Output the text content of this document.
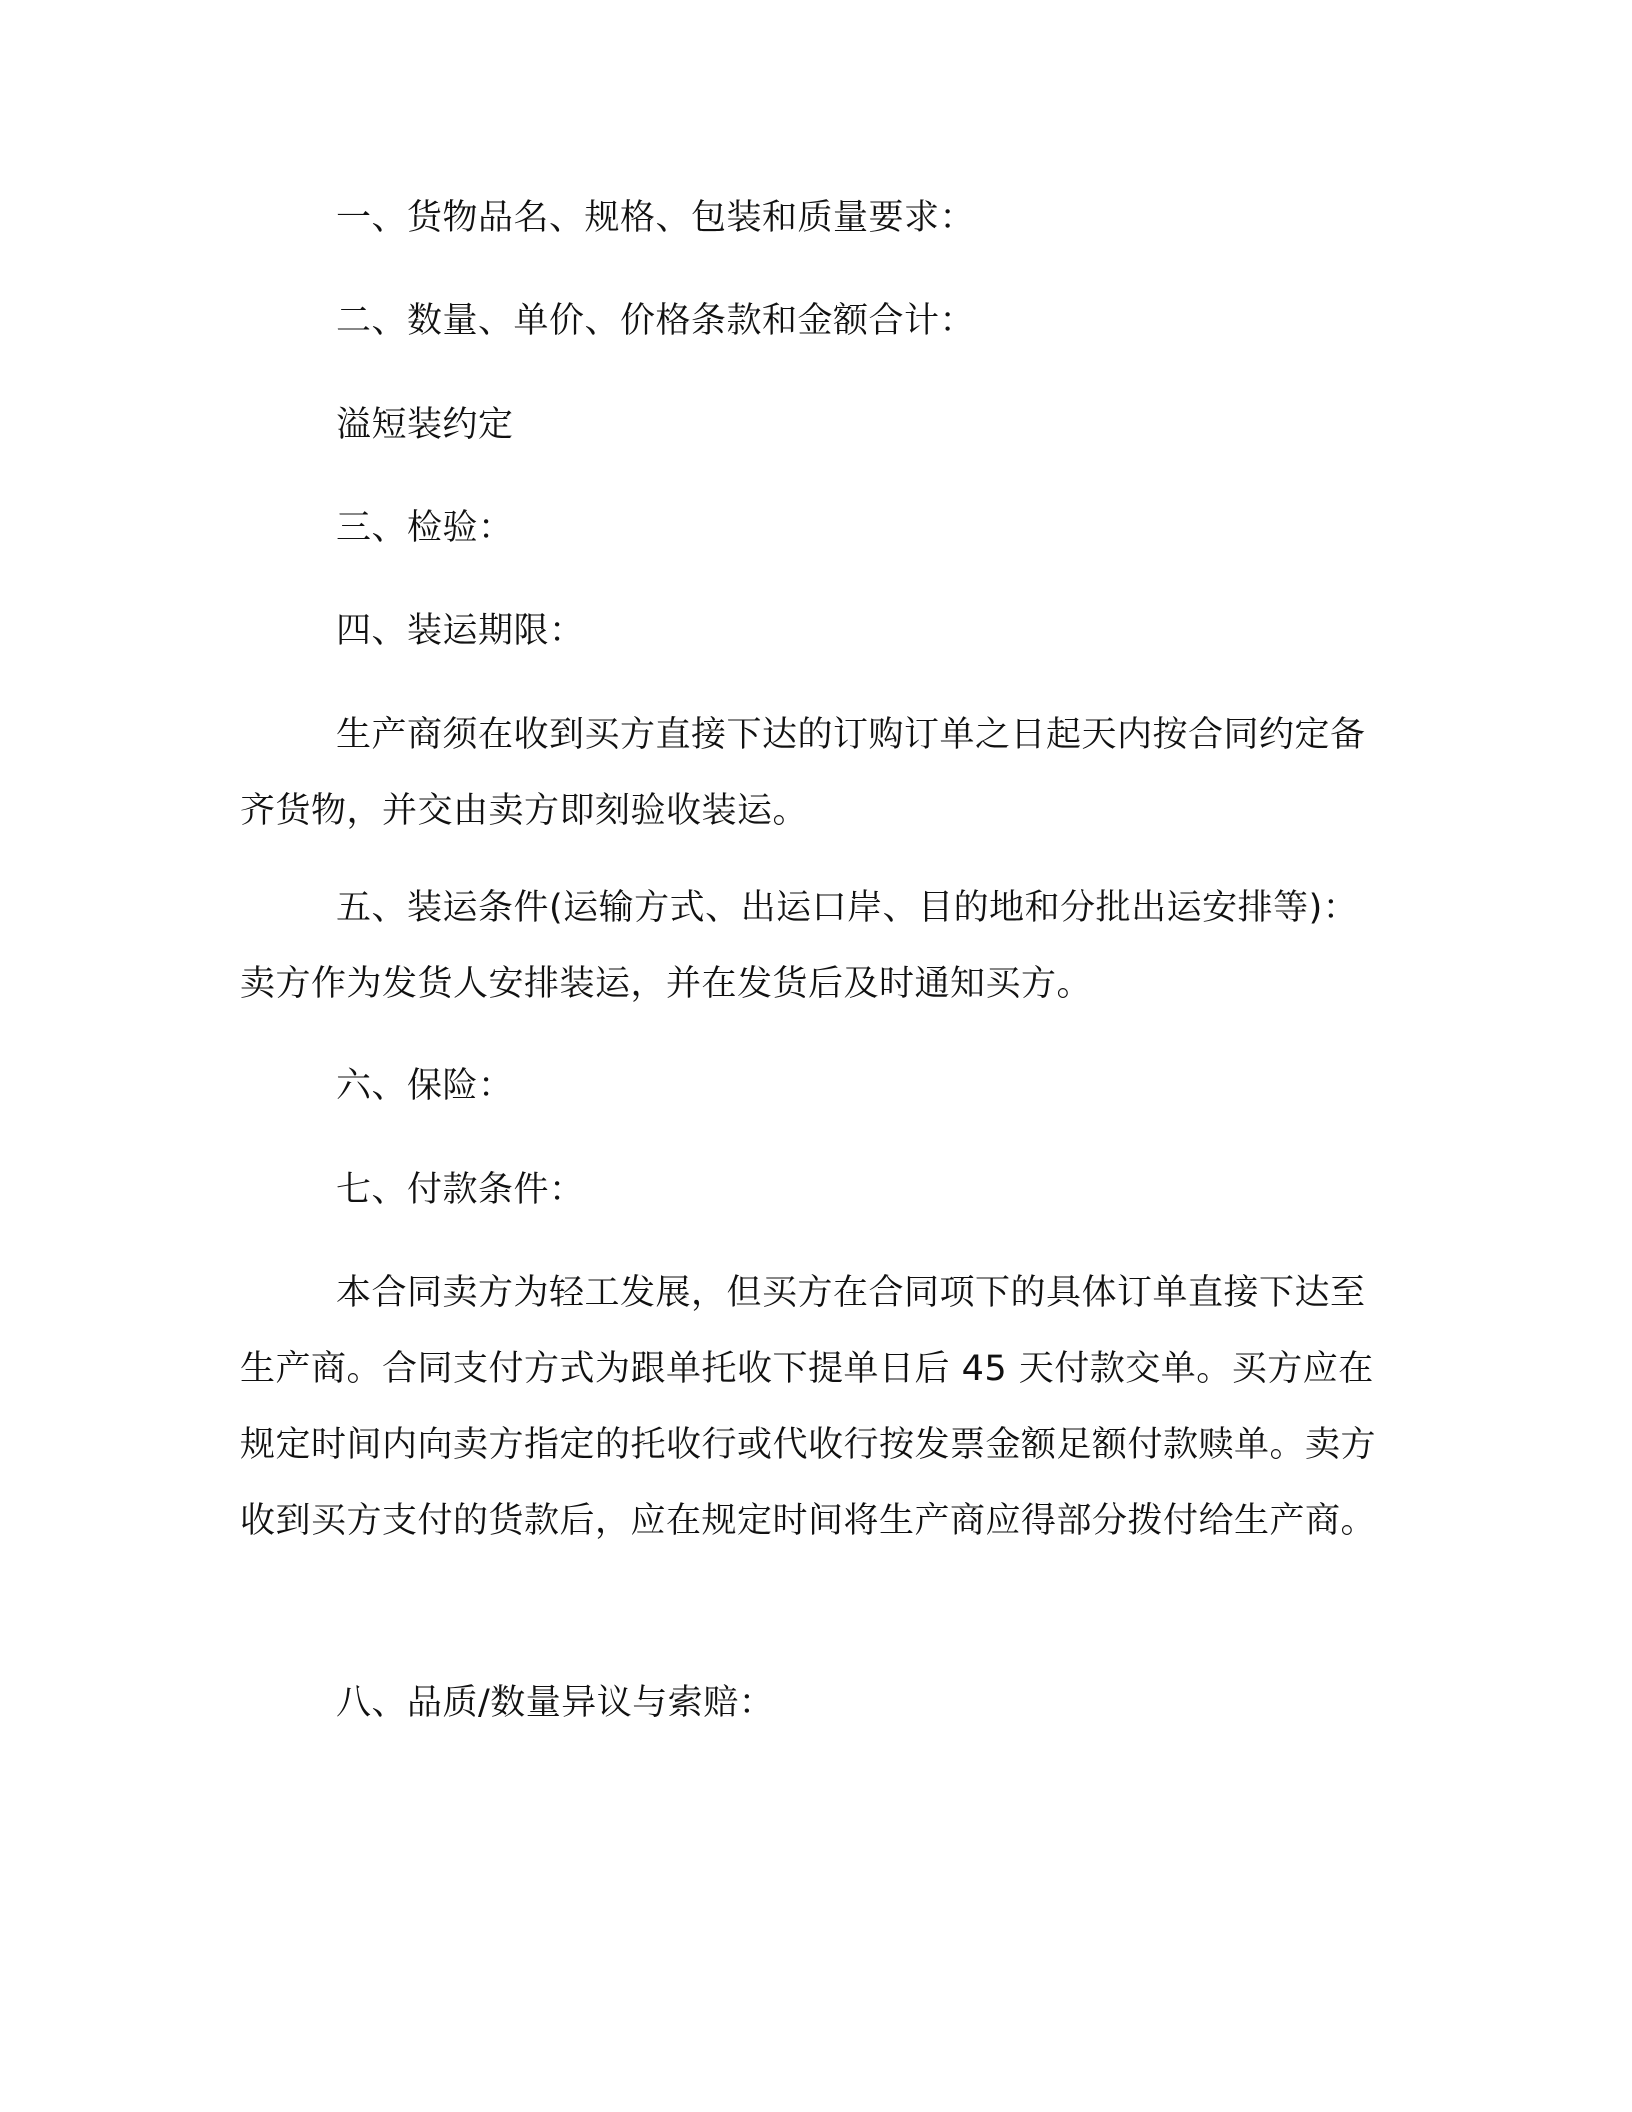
一、货物品名、规格、包装和质量要求：

二、数量、单价、价格条款和金额合计：

溢短装约定

三、检验：

四、装运期限：

生产商须在收到买方直接下达的订购订单之日起天内按合同约定备齐货物，并交由卖方即刻验收装运。

五、装运条件(运输方式、出运口岸、目的地和分批出运安排等)：卖方作为发货人安排装运，并在发货后及时通知买方。

六、保险：

七、付款条件：

本合同卖方为轻工发展，但买方在合同项下的具体订单直接下达至生产商。合同支付方式为跟单托收下提单日后 45 天付款交单。买方应在规定时间内向卖方指定的托收行或代收行按发票金额足额付款赎单。卖方收到买方支付的货款后，应在规定时间将生产商应得部分拨付给生产商。

八、品质/数量异议与索赔：
